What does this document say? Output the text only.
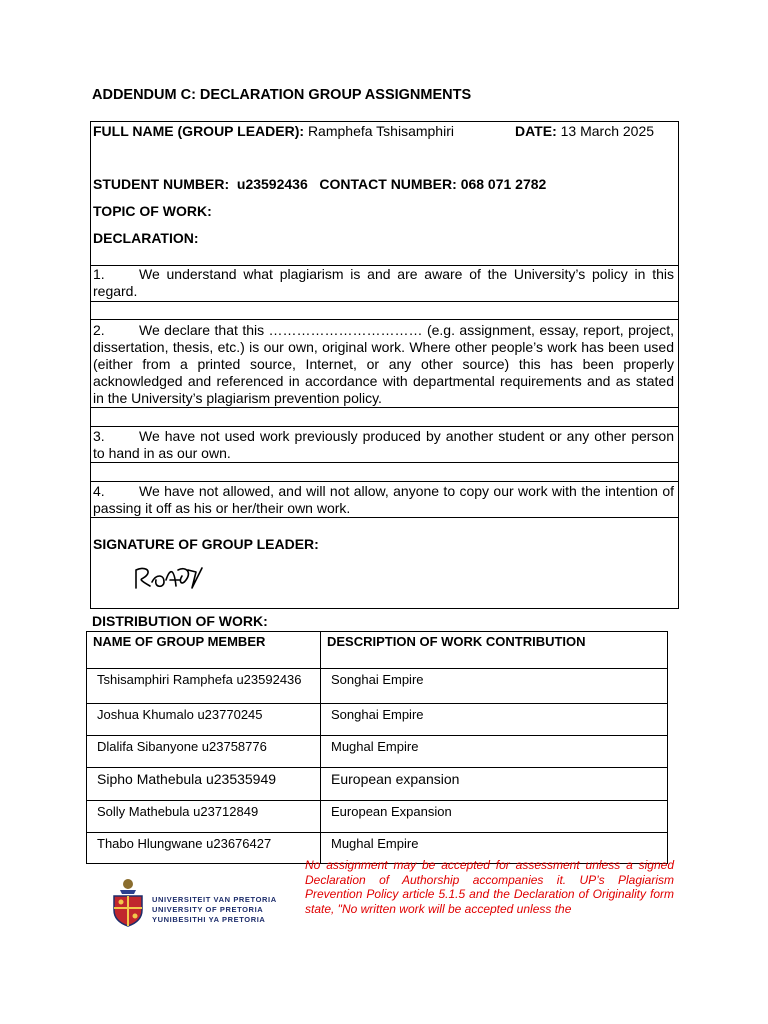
ADDENDUM C: DECLARATION GROUP ASSIGNMENTS
FULL NAME (GROUP LEADER): Ramphefa Tshisamphiri	DATE: 13 March 2025
STUDENT NUMBER: u23592436 CONTACT NUMBER: 068 071 2782
TOPIC OF WORK:
DECLARATION:
1. We understand what plagiarism is and are aware of the University’s policy in this regard.
2. We declare that this …………………………… (e.g. assignment, essay, report, project, dissertation, thesis, etc.) is our own, original work. Where other people’s work has been used (either from a printed source, Internet, or any other source) this has been properly acknowledged and referenced in accordance with departmental requirements and as stated in the University’s plagiarism prevention policy.
3. We have not used work previously produced by another student or any other person to hand in as our own.
4. We have not allowed, and will not allow, anyone to copy our work with the intention of passing it off as his or her/their own work.
SIGNATURE OF GROUP LEADER:
DISTRIBUTION OF WORK:
NAME OF GROUP MEMBER	DESCRIPTION OF WORK CONTRIBUTION
Tshisamphiri Ramphefa u23592436	Songhai Empire
Joshua Khumalo u23770245	Songhai Empire
Dlalifa Sibanyone u23758776	Mughal Empire
Sipho Mathebula u23535949	European expansion
Solly Mathebula u23712849	European Expansion
Thabo Hlungwane u23676427	Mughal Empire
No assignment may be accepted for assessment unless a signed Declaration of Authorship accompanies it. UP’s Plagiarism Prevention Policy article 5.1.5 and the Declaration of Originality form state, "No written work will be accepted unless the
UNIVERSITEIT VAN PRETORIA
UNIVERSITY OF PRETORIA
YUNIBESITHI YA PRETORIA
